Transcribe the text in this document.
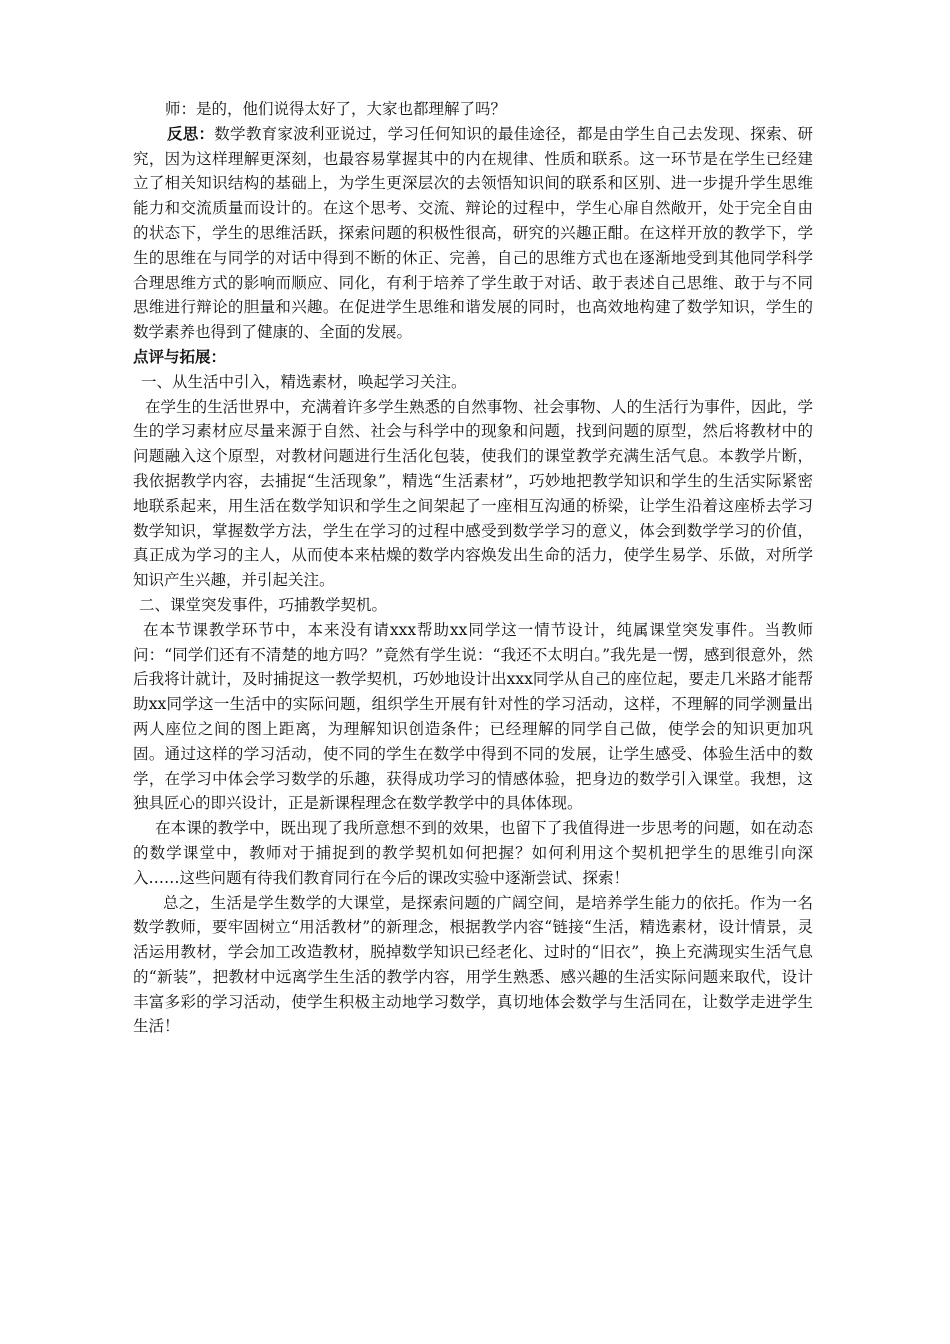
师：是的，他们说得太好了，大家也都理解了吗？

反思：数学教育家波利亚说过，学习任何知识的最佳途径，都是由学生自己去发现、探索、研究，因为这样理解更深刻，也最容易掌握其中的内在规律、性质和联系。这一环节是在学生已经建立了相关知识结构的基础上，为学生更深层次的去领悟知识间的联系和区别、进一步提升学生思维能力和交流质量而设计的。在这个思考、交流、辩论的过程中，学生心扉自然敞开，处于完全自由的状态下，学生的思维活跃，探索问题的积极性很高，研究的兴趣正酣。在这样开放的教学下，学生的思维在与同学的对话中得到不断的休正、完善，自己的思维方式也在逐渐地受到其他同学科学合理思维方式的影响而顺应、同化，有利于培养了学生敢于对话、敢于表述自己思维、敢于与不同思维进行辩论的胆量和兴趣。在促进学生思维和谐发展的同时，也高效地构建了数学知识，学生的数学素养也得到了健康的、全面的发展。

点评与拓展：

一、从生活中引入，精选素材，唤起学习关注。

在学生的生活世界中，充满着许多学生熟悉的自然事物、社会事物、人的生活行为事件，因此，学生的学习素材应尽量来源于自然、社会与科学中的现象和问题，找到问题的原型，然后将教材中的问题融入这个原型，对教材问题进行生活化包装，使我们的课堂教学充满生活气息。本教学片断，我依据教学内容，去捕捉“生活现象”，精选“生活素材”，巧妙地把教学知识和学生的生活实际紧密地联系起来，用生活在数学知识和学生之间架起了一座相互沟通的桥梁，让学生沿着这座桥去学习数学知识，掌握数学方法，学生在学习的过程中感受到数学学习的意义，体会到数学学习的价值，真正成为学习的主人，从而使本来枯燥的数学内容焕发出生命的活力，使学生易学、乐做，对所学知识产生兴趣，并引起关注。

二、课堂突发事件，巧捕教学契机。

在本节课教学环节中，本来没有请xxx帮助xx同学这一情节设计，纯属课堂突发事件。当教师问：“同学们还有不清楚的地方吗？”竟然有学生说：“我还不太明白。”我先是一愣，感到很意外，然后我将计就计，及时捕捉这一教学契机，巧妙地设计出xxx同学从自己的座位起，要走几米路才能帮助xx同学这一生活中的实际问题，组织学生开展有针对性的学习活动，这样，不理解的同学测量出两人座位之间的图上距离，为理解知识创造条件；已经理解的同学自己做，使学会的知识更加巩固。通过这样的学习活动，使不同的学生在数学中得到不同的发展，让学生感受、体验生活中的数学，在学习中体会学习数学的乐趣，获得成功学习的情感体验，把身边的数学引入课堂。我想，这独具匠心的即兴设计，正是新课程理念在数学教学中的具体体现。

在本课的教学中，既出现了我所意想不到的效果，也留下了我值得进一步思考的问题，如在动态的数学课堂中，教师对于捕捉到的教学契机如何把握？如何利用这个契机把学生的思维引向深入……这些问题有待我们教育同行在今后的课改实验中逐渐尝试、探索！

总之，生活是学生数学的大课堂，是探索问题的广阔空间，是培养学生能力的依托。作为一名数学教师，要牢固树立“用活教材”的新理念，根据教学内容“链接“生活，精选素材，设计情景，灵活运用教材，学会加工改造教材，脱掉数学知识已经老化、过时的“旧衣”，换上充满现实生活气息的“新装”，把教材中远离学生生活的教学内容，用学生熟悉、感兴趣的生活实际问题来取代，设计丰富多彩的学习活动，使学生积极主动地学习数学，真切地体会数学与生活同在，让数学走进学生生活！
